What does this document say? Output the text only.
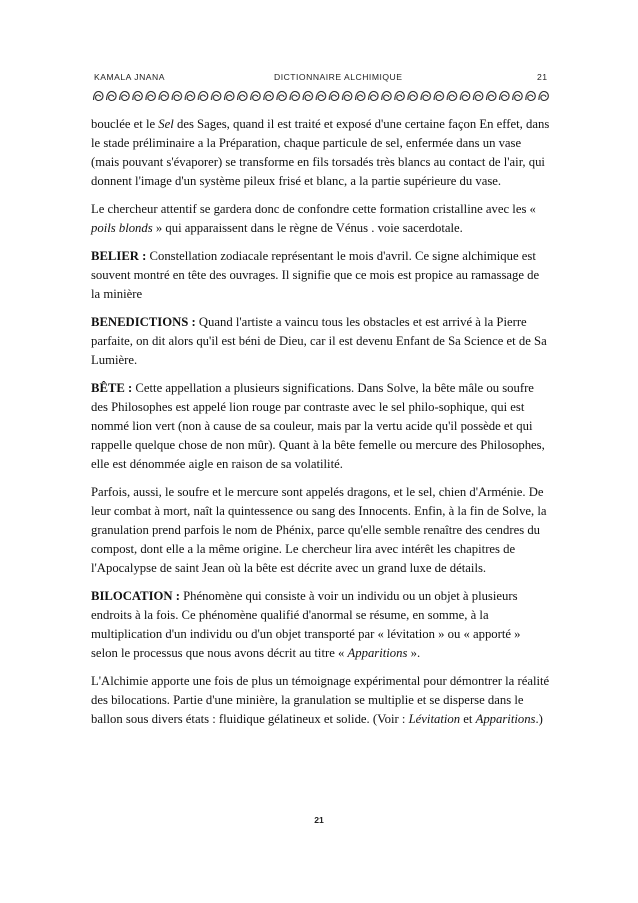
KAMALA JNANA	DICTIONNAIRE ALCHIMIQUE	21

bouclée et le Sel des Sages, quand il est traité et exposé d'une certaine façon En effet, dans le stade préliminaire a la Préparation, chaque particule de sel, enfermée dans un vase (mais pouvant s'évaporer) se transforme en fils torsadés très blancs au contact de l'air, qui donnent l'image d'un système pileux frisé et blanc, a la partie supérieure du vase.

Le chercheur attentif se gardera donc de confondre cette formation cristalline avec les « poils blonds » qui apparaissent dans le règne de Vénus . voie sacerdotale.

BELIER : Constellation zodiacale représentant le mois d'avril. Ce signe alchimique est souvent montré en tête des ouvrages. Il signifie que ce mois est propice au ramassage de la minière

BENEDICTIONS : Quand l'artiste a vaincu tous les obstacles et est arrivé à la Pierre parfaite, on dit alors qu'il est béni de Dieu, car il est devenu Enfant de Sa Science et de Sa Lumière.

BÊTE : Cette appellation a plusieurs significations. Dans Solve, la bête mâle ou soufre des Philosophes est appelé lion rouge par contraste avec le sel philo-sophique, qui est nommé lion vert (non à cause de sa couleur, mais par la vertu acide qu'il possède et qui rappelle quelque chose de non mûr). Quant à la bête femelle ou mercure des Philosophes, elle est dénommée aigle en raison de sa volatilité.

Parfois, aussi, le soufre et le mercure sont appelés dragons, et le sel, chien d'Arménie. De leur combat à mort, naît la quintessence ou sang des Innocents. Enfin, à la fin de Solve, la granulation prend parfois le nom de Phénix, parce qu'elle semble renaître des cendres du compost, dont elle a la même origine. Le chercheur lira avec intérêt les chapitres de l'Apocalypse de saint Jean où la bête est décrite avec un grand luxe de détails.

BILOCATION : Phénomène qui consiste à voir un individu ou un objet à plusieurs endroits à la fois. Ce phénomène qualifié d'anormal se résume, en somme, à la multiplication d'un individu ou d'un objet transporté par « lévitation » ou « apporté » selon le processus que nous avons décrit au titre « Apparitions ».

L'Alchimie apporte une fois de plus un témoignage expérimental pour démontrer la réalité des bilocations. Partie d'une minière, la granulation se multiplie et se disperse dans le ballon sous divers états : fluidique gélatineux et solide. (Voir : Lévitation et Apparitions.)

21
